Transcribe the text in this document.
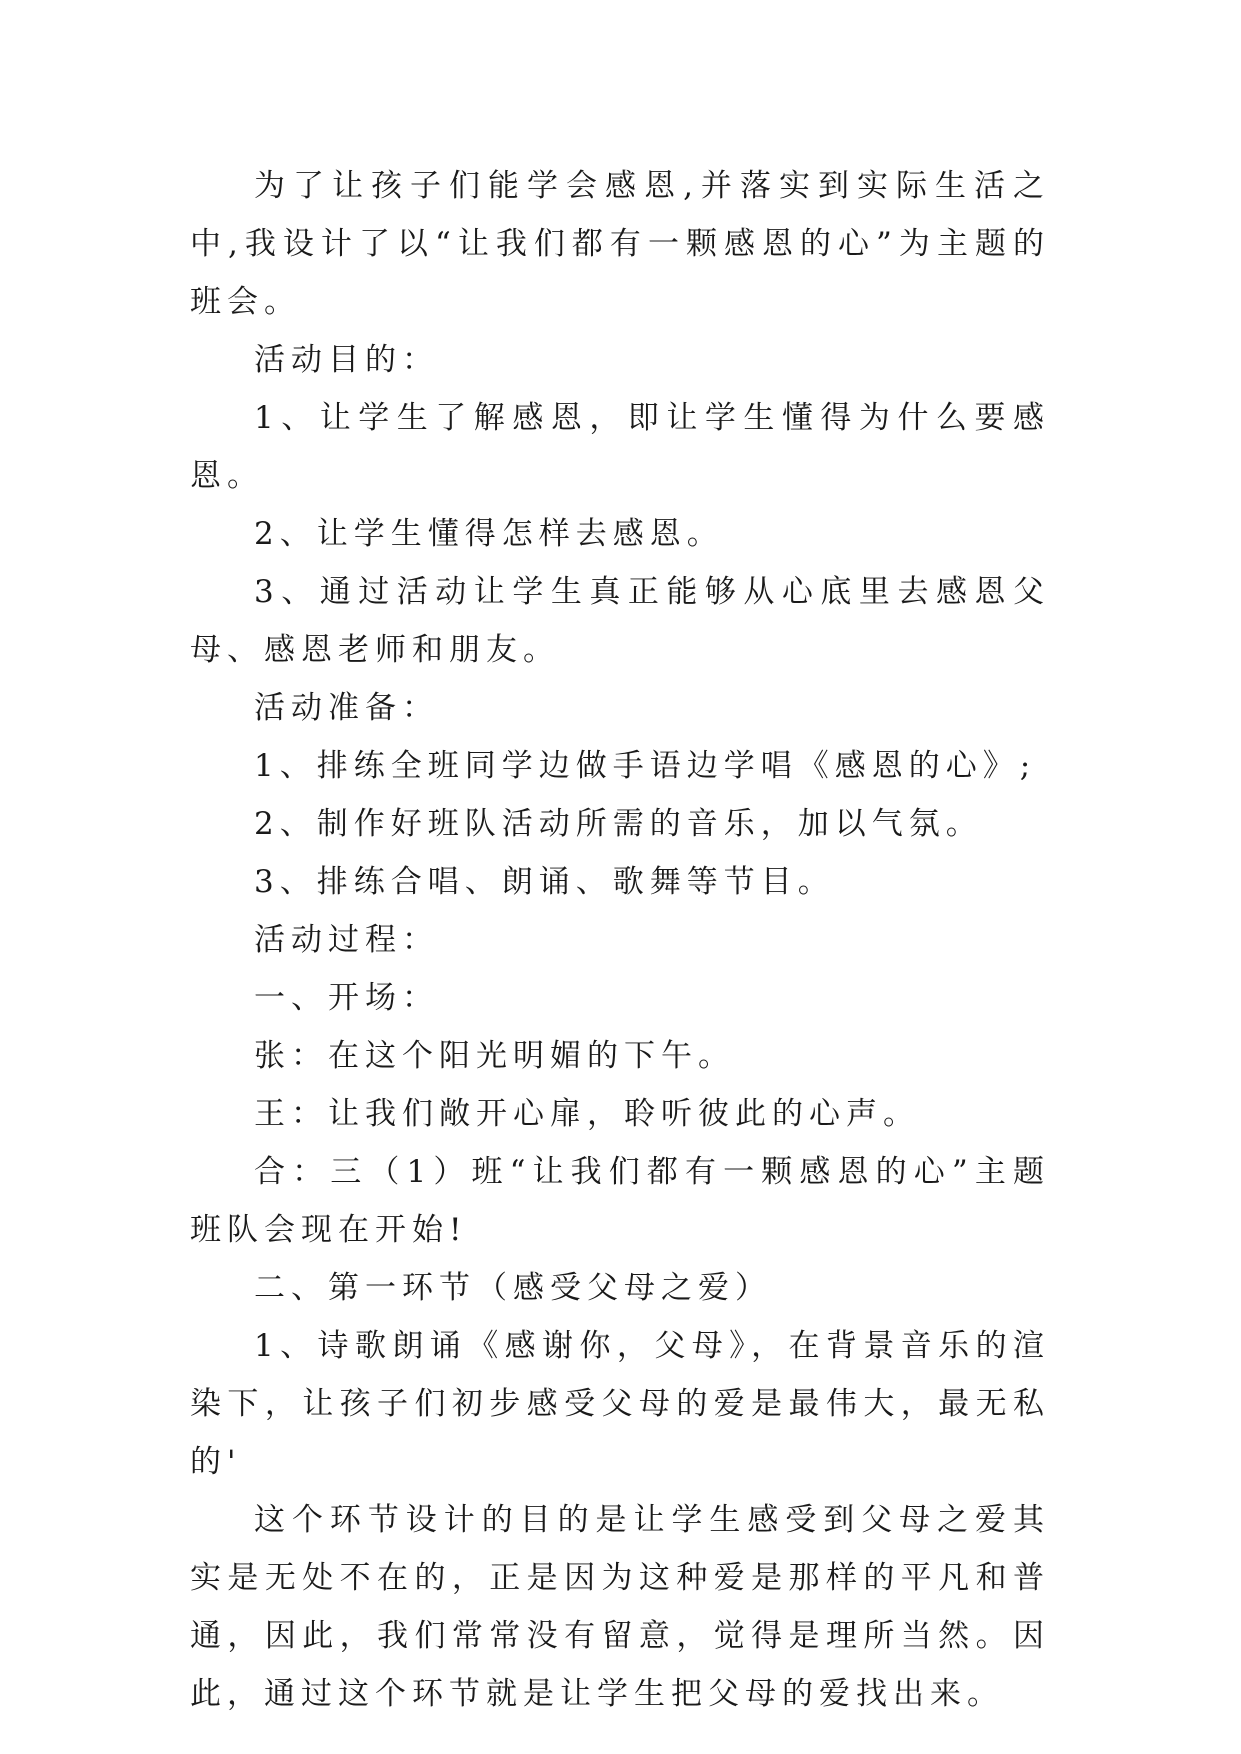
为了让孩子们能学会感恩,并落实到实际生活之中,我设计了以“让我们都有一颗感恩的心”为主题的班会。

活动目的：

1、让学生了解感恩，即让学生懂得为什么要感恩。

2、让学生懂得怎样去感恩。

3、通过活动让学生真正能够从心底里去感恩父母、感恩老师和朋友。

活动准备：

1、排练全班同学边做手语边学唱《感恩的心》;

2、制作好班队活动所需的音乐，加以气氛。

3、排练合唱、朗诵、歌舞等节目。

活动过程：

一、开场：

张：在这个阳光明媚的下午。

王：让我们敞开心扉，聆听彼此的心声。

合：三（1）班“让我们都有一颗感恩的心”主题班队会现在开始!

二、第一环节（感受父母之爱）

1、诗歌朗诵《感谢你，父母》，在背景音乐的渲染下，让孩子们初步感受父母的爱是最伟大，最无私的'

这个环节设计的目的是让学生感受到父母之爱其实是无处不在的，正是因为这种爱是那样的平凡和普通，因此，我们常常没有留意，觉得是理所当然。因此，通过这个环节就是让学生把父母的爱找出来。
